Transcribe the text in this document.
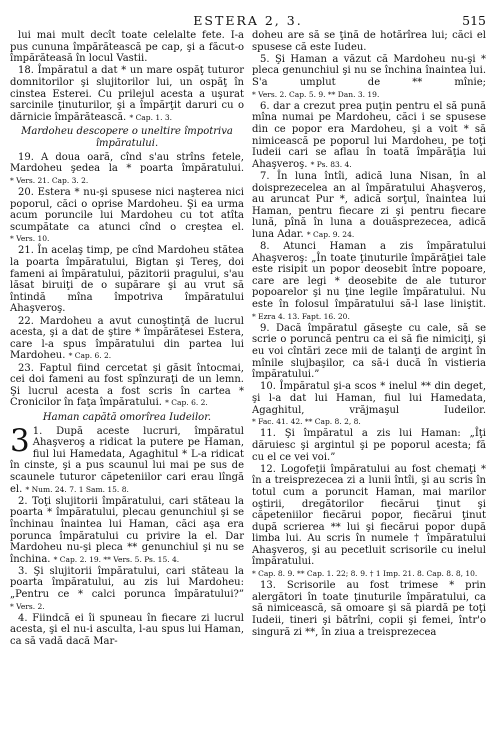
ESTERA 2, 3.	515

lui mai mult decît toate celelalte fete. I-a pus cununa împărătească pe cap, şi a făcut-o împărăteasă în locul Vastii.

18. Împăratul a dat * un mare ospăţ tuturor domnitorilor şi slujitorilor lui, un ospăţ în cinstea Esterei. Cu prilejul acesta a uşurat sarcinile ţinuturilor, şi a împărţit daruri cu o dărnicie împărătească. * Cap. 1. 3.

Mardoheu descopere o uneltire împotriva împăratului.

19. A doua oară, cînd s'au strîns fetele, Mardoheu şedea la * poarta împăratului. * Vers. 21. Cap. 3. 2.

20. Estera * nu-şi spusese nici naşterea nici poporul, căci o oprise Mardoheu. Şi ea urma acum poruncile lui Mardoheu cu tot atîta scumpătate ca atunci cînd o creştea el. * Vers. 10.

21. În acelaş timp, pe cînd Mardoheu stătea la poarta împăratului, Bigtan şi Tereş, doi fameni ai împăratului, păzitorii pragului, s'au lăsat biruiţi de o supărare şi au vrut să întindă mîna împotriva împăratului Ahaşveroş.

22. Mardoheu a avut cunoştinţă de lucrul acesta, şi a dat de ştire * împărătesei Estera, care l-a spus împăratului din partea lui Mardoheu. * Cap. 6. 2.

23. Faptul fiind cercetat şi găsit întocmai, cei doi fameni au fost spînzuraţi de un lemn. Şi lucrul acesta a fost scris în cartea * Cronicilor în faţa împăratului. * Cap. 6. 2.

Haman capătă omorîrea Iudeilor.

3 1. După aceste lucruri, împăratul Ahaşveroş a ridicat la putere pe Haman, fiul lui Hamedata, Agaghitul * L-a ridicat în cinste, şi a pus scaunul lui mai pe sus de scaunele tuturor căpeteniilor cari erau lîngă el. * Num. 24. 7. 1 Sam. 15. 8.

2. Toţi slujitorii împăratului, cari stăteau la poarta * împăratului, plecau genunchiul şi se închinau înaintea lui Haman, căci aşa era porunca împăratului cu privire la el. Dar Mardoheu nu-şi pleca ** genunchiul şi nu se închina. * Cap. 2. 19. ** Vers. 5. Ps. 15. 4.

3. Şi slujitorii împăratului, cari stăteau la poarta împăratului, au zis lui Mardoheu: „Pentru ce * calci porunca împăratului?” * Vers. 2.

4. Fiindcă ei îi spuneau în fiecare zi lucrul acesta, şi el nu-i asculta, l-au spus lui Haman, ca să vadă dacă Mar-

doheu are să se ţină de hotărîrea lui; căci el spusese că este Iudeu.

5. Şi Haman a văzut că Mardoheu nu-şi * pleca genunchiul şi nu se închina înaintea lui. S'a umplut de ** mînie; * Vers. 2. Cap. 5. 9. ** Dan. 3. 19.

6. dar a crezut prea puţin pentru el să pună mîna numai pe Mardoheu, căci i se spusese din ce popor era Mardoheu, şi a voit * să nimicească pe poporul lui Mardoheu, pe toţi Iudeii cari se aflau în toată împărăţia lui Ahaşveroş. * Ps. 83. 4.

7. În luna întîi, adică luna Nisan, în al doisprezecelea an al împăratului Ahaşveroş, au aruncat Pur *, adică sorţul, înaintea lui Haman, pentru fiecare zi şi pentru fiecare lună, pînă în luna a douăsprezecea, adică luna Adar. * Cap. 9. 24.

8. Atunci Haman a zis împăratului Ahaşveroş: „În toate ţinuturile împărăţiei tale este risipit un popor deosebit între popoare, care are legi * deosebite de ale tuturor popoarelor şi nu ţine legile împăratului. Nu este în folosul împăratului să-l lase liniştit. * Ezra 4. 13. Fapt. 16. 20.

9. Dacă împăratul găseşte cu cale, să se scrie o poruncă pentru ca ei să fie nimiciţi, şi eu voi cîntări zece mii de talanţi de argint în mînile slujbaşilor, ca să-i ducă în vistieria împăratului.”

10. Împăratul şi-a scos * inelul ** din deget, şi l-a dat lui Haman, fiul lui Hamedata, Agaghitul, vrăjmaşul Iudeilor. * Fac. 41. 42. ** Cap. 8. 2, 8.

11. Şi împăratul a zis lui Haman: „Îţi dăruiesc şi argintul şi pe poporul acesta; fă cu el ce vei voi.”

12. Logofeţii împăratului au fost chemaţi * în a treisprezecea zi a lunii întîi, şi au scris în totul cum a poruncit Haman, mai marilor oştirii, dregătorilor fiecărui ţinut şi căpeteniilor fiecărui popor, fiecărui ţinut după scrierea ** lui şi fiecărui popor după limba lui. Au scris în numele † împăratului Ahaşveroş, şi au pecetluit scrisorile cu inelul împăratului. * Cap. 8. 9. ** Cap. 1. 22; 8. 9. † 1 Imp. 21. 8. Cap. 8. 8, 10.

13. Scrisorile au fost trimese * prin alergători în toate ţinuturile împăratului, ca să nimicească, să omoare şi să piardă pe toţi Iudeii, tineri şi bătrîni, copii şi femei, într'o singură zi **, în ziua a treisprezecea
